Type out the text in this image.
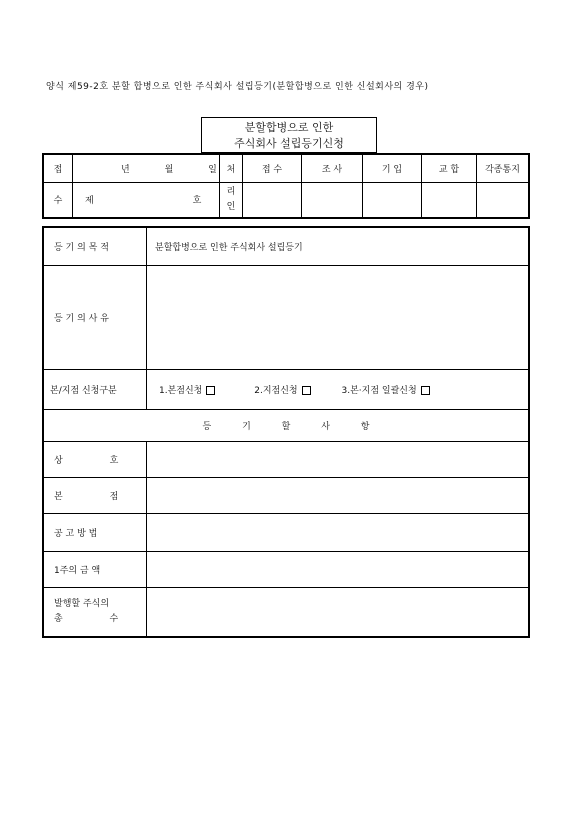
양식 제59-2호 분할 합병으로 인한 주식회사 설립등기(분할합병으로 인한 신설회사의 경우)
분할합병으로 인한
주식회사 설립등기신청
접	년 월 일	처	접 수	조 사	기 입	교 합	각종통지
수	제 호	리
인					

등 기 의 목 적	분할합병으로 인한 주식회사 설립등기
등 기 의 사 유	
본/지점 신청구분	1.본점신청 2.지점신청 3.본·지점 일괄신청
등 기 할 사 항	
상 호	
본 점	
공 고 방 법	
1주의 금 액	

발행할 주식의
총 수	
